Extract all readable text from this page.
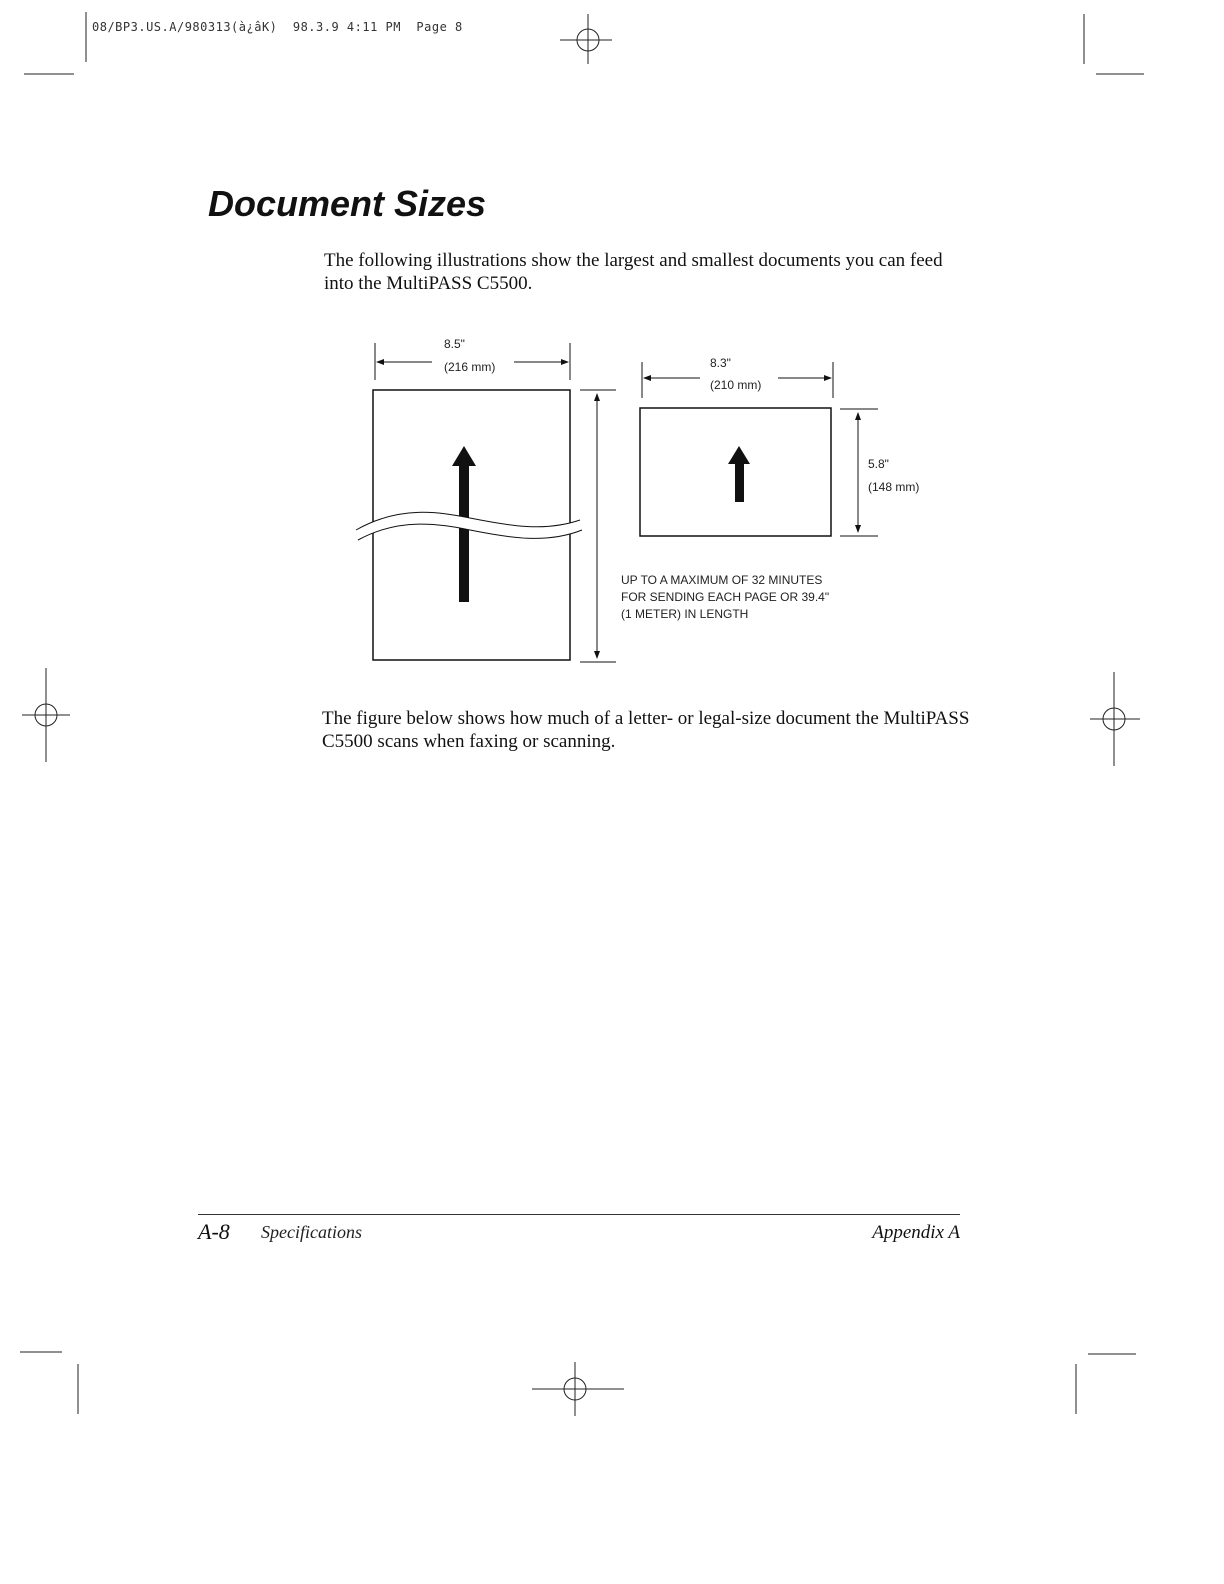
08/BP3.US.A/980313(à¿âK)  98.3.9 4:11 PM  Page 8
Document Sizes

The following illustrations show the largest and smallest documents you can feed into the MultiPASS C5500.

8.5"
(216 mm)	8.3"
(210 mm)
5.8"
(148 mm)
UP TO A MAXIMUM OF 32 MINUTES
FOR SENDING EACH PAGE OR 39.4"
(1 METER) IN LENGTH

The figure below shows how much of a letter- or legal-size document the MultiPASS C5500 scans when faxing or scanning.

A-8 Specifications	Appendix A
